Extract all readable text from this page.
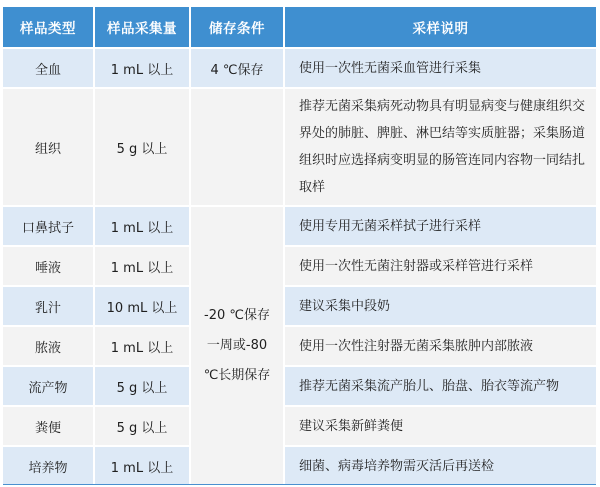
样品类型	样品采集量	储存条件	采样说明
全血	1 mL 以上	4 ℃保存	使用一次性无菌采血管进行采集
组织	5 g 以上		推荐无菌采集病死动物具有明显病变与健康组织交界处的肺脏、脾脏、淋巴结等实质脏器；采集肠道组织时应选择病变明显的肠管连同内容物一同结扎取样
口鼻拭子	1 mL 以上	-20 ℃保存一周或-80 ℃长期保存	使用专用无菌采样拭子进行采样
唾液	1 mL 以上		使用一次性无菌注射器或采样管进行采样
乳汁	10 mL 以上		建议采集中段奶
脓液	1 mL 以上		使用一次性注射器无菌采集脓肿内部脓液
流产物	5 g 以上		推荐无菌采集流产胎儿、胎盘、胎衣等流产物
粪便	5 g 以上		建议采集新鲜粪便
培养物	1 mL 以上		细菌、病毒培养物需灭活后再送检
